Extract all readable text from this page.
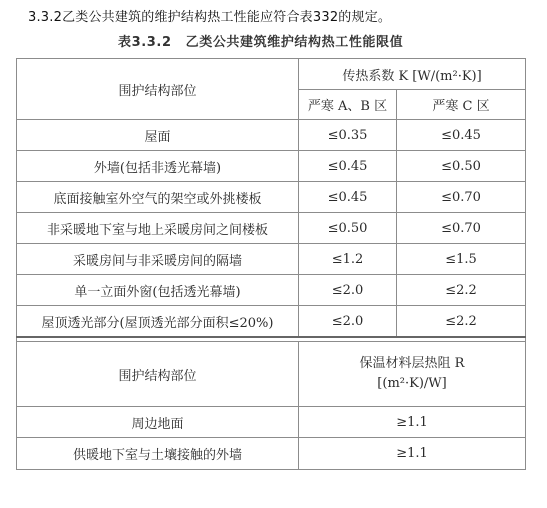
3.3.2乙类公共建筑的维护结构热工性能应符合表332的规定。
表3.3.2 乙类公共建筑维护结构热工性能限值
围护结构部位	传热系数 K [W/(m²·K)]	
	严寒 A、B 区	严寒 C 区
屋面	≤0.35	≤0.45
外墙(包括非透光幕墙)	≤0.45	≤0.50
底面接触室外空气的架空或外挑楼板	≤0.45	≤0.70
非采暖地下室与地上采暖房间之间楼板	≤0.50	≤0.70
采暖房间与非采暖房间的隔墙	≤1.2	≤1.5
单一立面外窗(包括透光幕墙)	≤2.0	≤2.2
屋顶透光部分(屋顶透光部分面积≤20%)	≤2.0	≤2.2

围护结构部位	保温材料层热阻 R
[(m²·K)/W]	

周边地面	≥1.1	
供暖地下室与土壤接触的外墙	≥1.1	
